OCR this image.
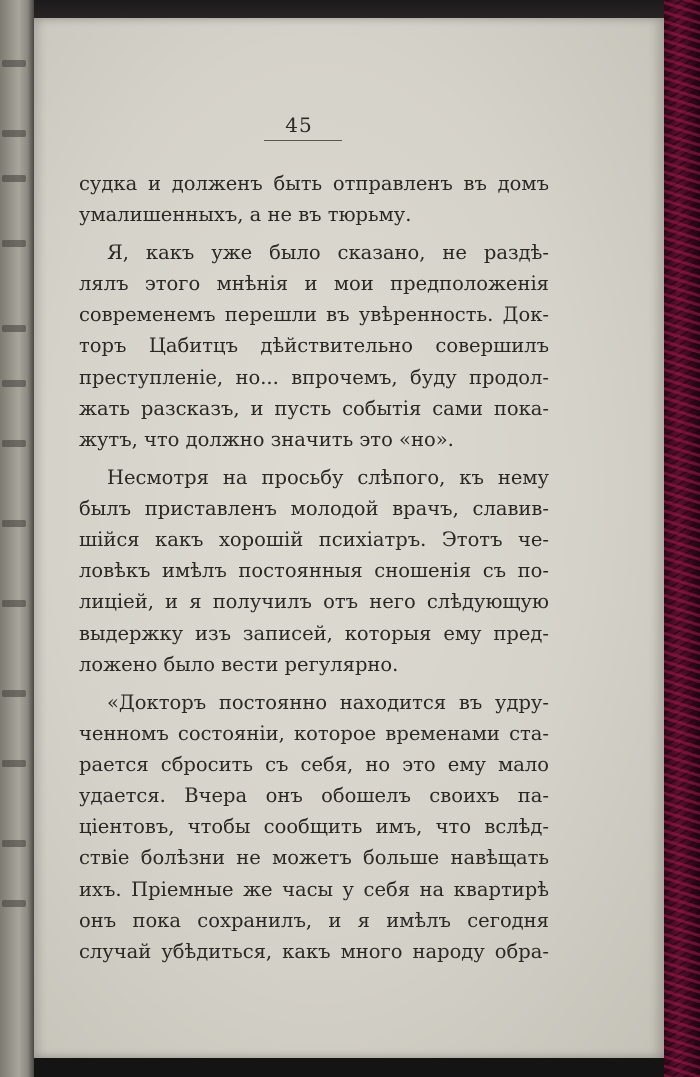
45
судка и долженъ быть отправленъ въ домъ
умалишенныхъ, а не въ тюрьму.
Я, какъ уже было сказано, не раздѣ-
лялъ этого мнѣнія и мои предположенія
современемъ перешли въ увѣренность. Док-
торъ Цабитцъ дѣйствительно совершилъ
преступленіе, но... впрочемъ, буду продол-
жать разсказъ, и пусть событія сами пока-
жутъ, что должно значить это «но».
Несмотря на просьбу слѣпого, къ нему
былъ приставленъ молодой врачъ, славив-
шійся какъ хорошій психіатръ. Этотъ че-
ловѣкъ имѣлъ постоянныя сношенія съ по-
лиціей, и я получилъ отъ него слѣдующую
выдержку изъ записей, которыя ему пред-
ложено было вести регулярно.
«Докторъ постоянно находится въ удру-
ченномъ состояніи, которое временами ста-
рается сбросить съ себя, но это ему мало
удается. Вчера онъ обошелъ своихъ па-
ціентовъ, чтобы сообщить имъ, что вслѣд-
ствіе болѣзни не можетъ больше навѣщать
ихъ. Пріемные же часы у себя на квартирѣ
онъ пока сохранилъ, и я имѣлъ сегодня
случай убѣдиться, какъ много народу обра-
